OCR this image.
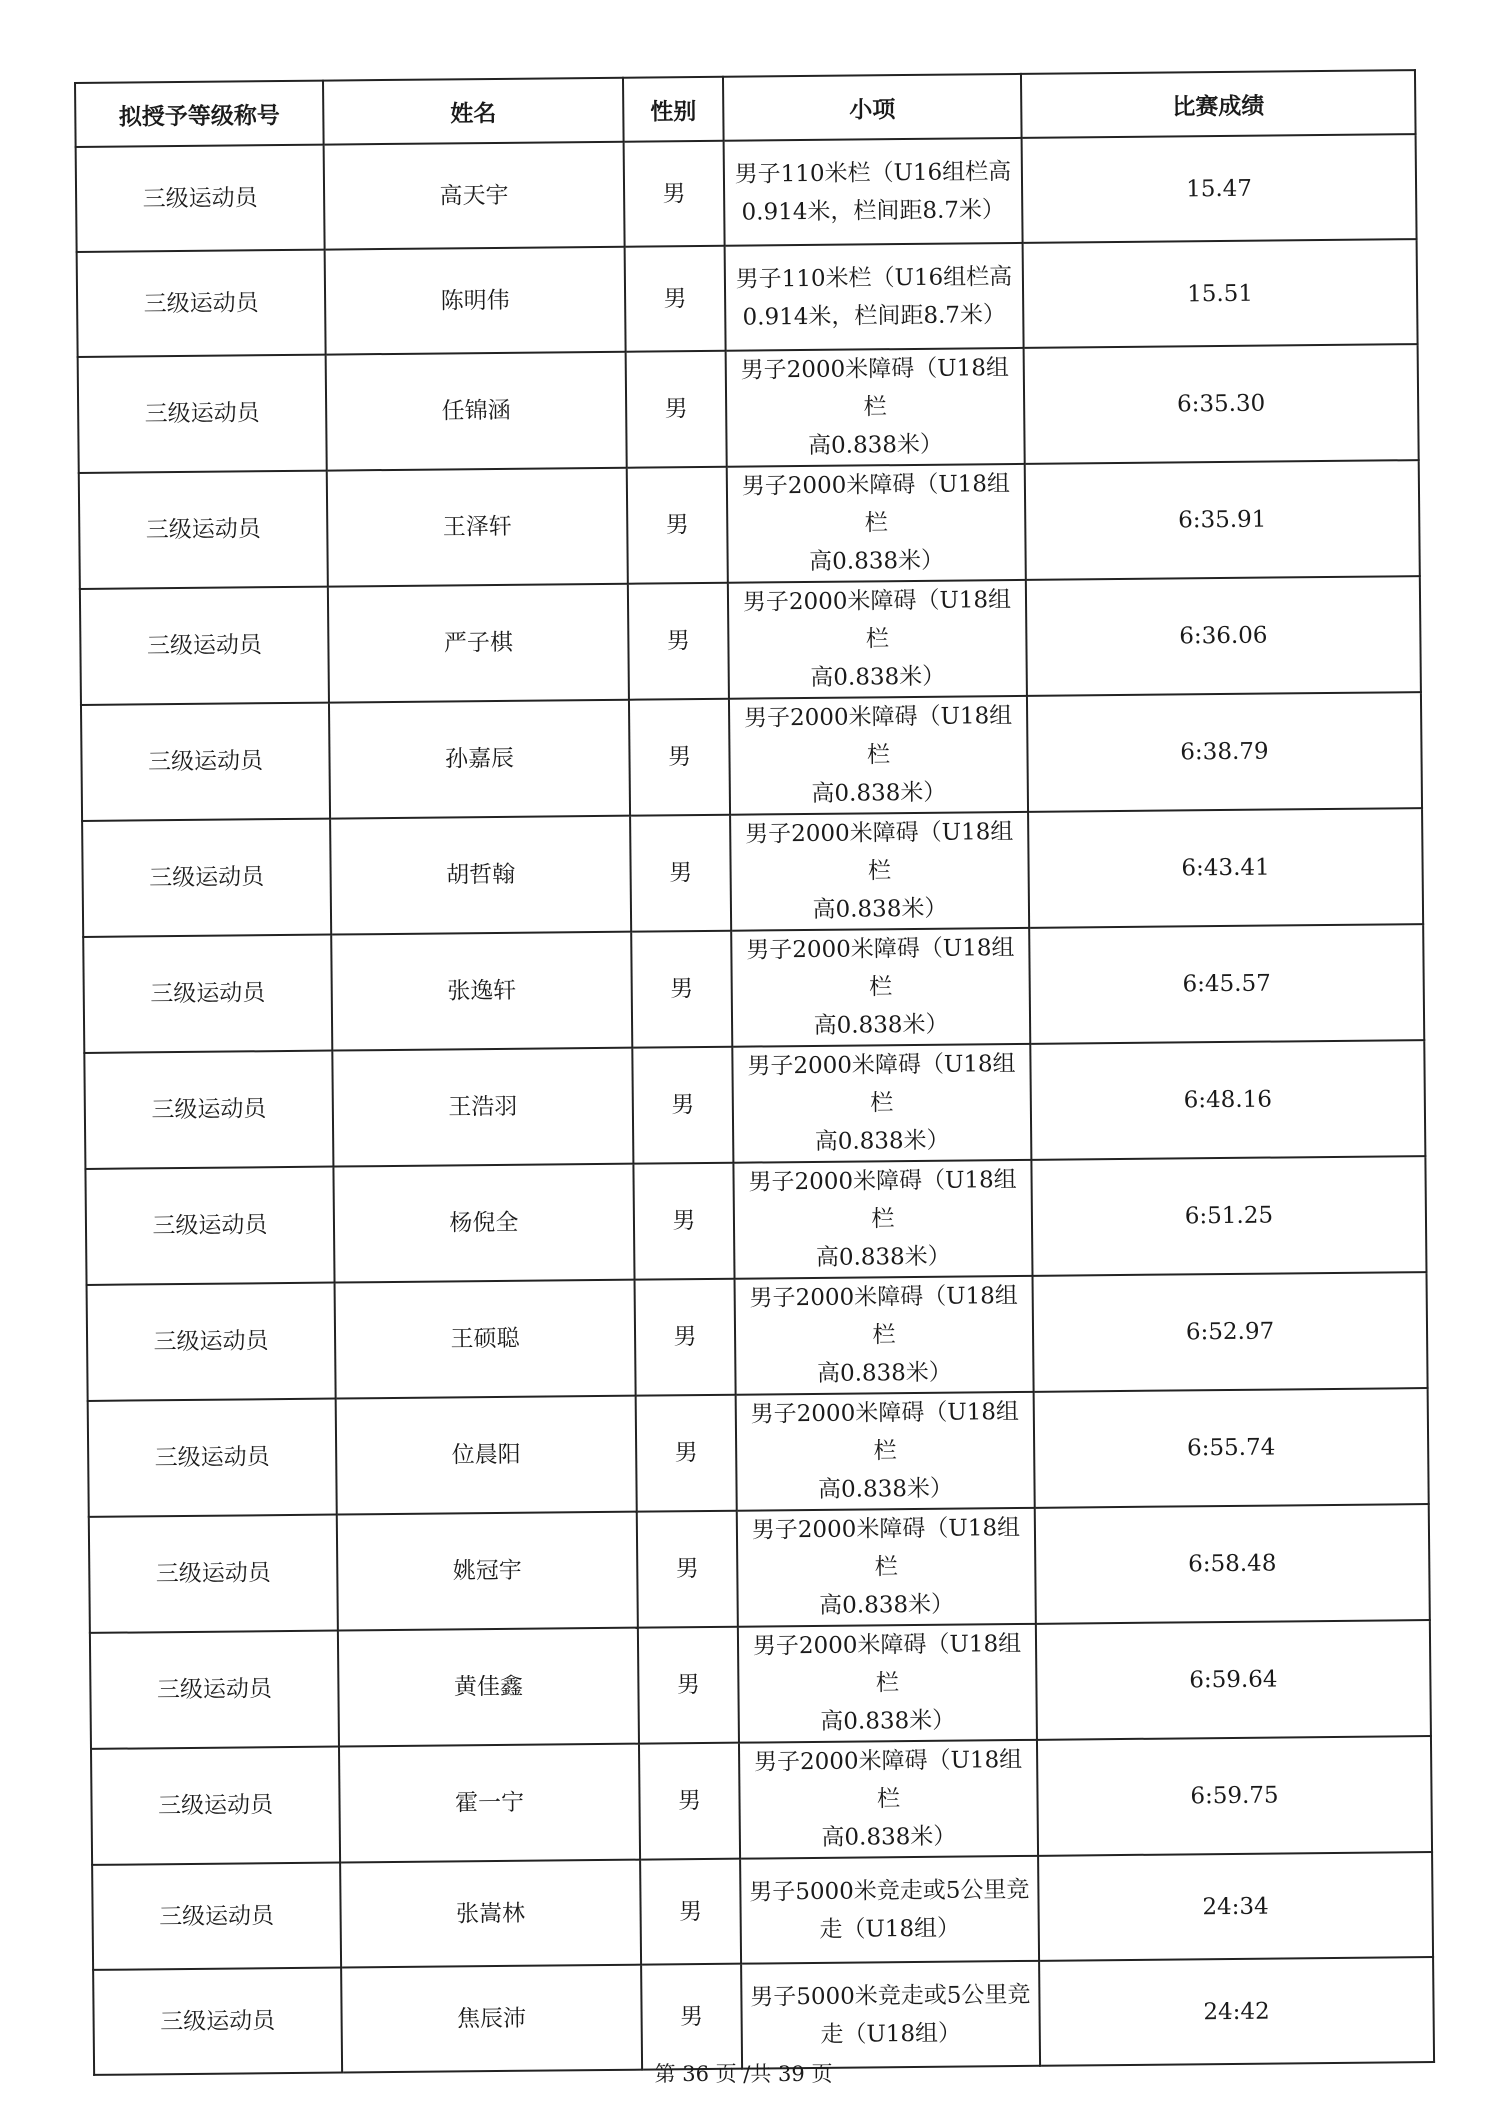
拟授予等级称号	姓名	性别	小项	比赛成绩
三级运动员	高天宇	男	男子110米栏（U16组栏高
0.914米，栏间距8.7米）	15.47
三级运动员	陈明伟	男	男子110米栏（U16组栏高
0.914米，栏间距8.7米）	15.51
三级运动员	任锦涵	男	男子2000米障碍（U18组栏
高0.838米）	6:35.30
三级运动员	王泽轩	男	男子2000米障碍（U18组栏
高0.838米）	6:35.91
三级运动员	严子棋	男	男子2000米障碍（U18组栏
高0.838米）	6:36.06
三级运动员	孙嘉辰	男	男子2000米障碍（U18组栏
高0.838米）	6:38.79
三级运动员	胡哲翰	男	男子2000米障碍（U18组栏
高0.838米）	6:43.41
三级运动员	张逸轩	男	男子2000米障碍（U18组栏
高0.838米）	6:45.57
三级运动员	王浩羽	男	男子2000米障碍（U18组栏
高0.838米）	6:48.16
三级运动员	杨倪全	男	男子2000米障碍（U18组栏
高0.838米）	6:51.25
三级运动员	王硕聪	男	男子2000米障碍（U18组栏
高0.838米）	6:52.97
三级运动员	位晨阳	男	男子2000米障碍（U18组栏
高0.838米）	6:55.74
三级运动员	姚冠宇	男	男子2000米障碍（U18组栏
高0.838米）	6:58.48
三级运动员	黄佳鑫	男	男子2000米障碍（U18组栏
高0.838米）	6:59.64
三级运动员	霍一宁	男	男子2000米障碍（U18组栏
高0.838米）	6:59.75
三级运动员	张嵩林	男	男子5000米竞走或5公里竞
走（U18组）	24:34
三级运动员	焦辰沛	男	男子5000米竞走或5公里竞
走（U18组）	24:42
第 36 页 /共 39 页
